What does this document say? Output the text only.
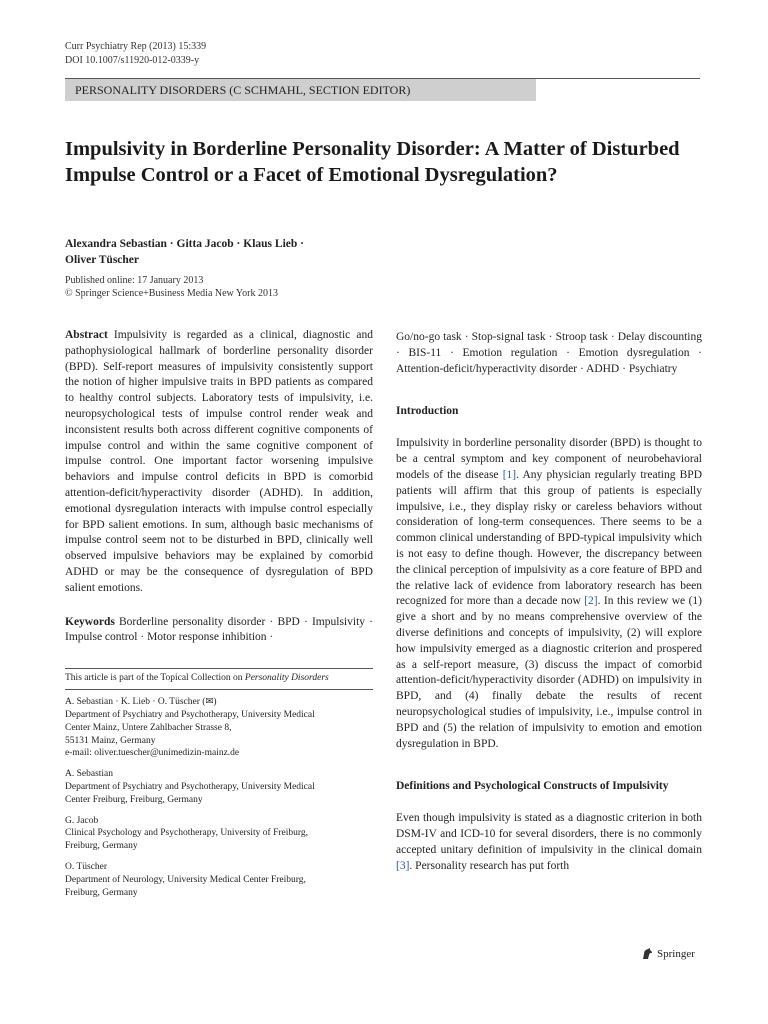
Curr Psychiatry Rep (2013) 15:339
DOI 10.1007/s11920-012-0339-y
PERSONALITY DISORDERS (C SCHMAHL, SECTION EDITOR)
Impulsivity in Borderline Personality Disorder: A Matter of Disturbed Impulse Control or a Facet of Emotional Dysregulation?
Alexandra Sebastian · Gitta Jacob · Klaus Lieb ·
Oliver Tüscher
Published online: 17 January 2013
© Springer Science+Business Media New York 2013

Abstract Impulsivity is regarded as a clinical, diagnostic and pathophysiological hallmark of borderline personality disorder (BPD). Self-report measures of impulsivity consistently support the notion of higher impulsive traits in BPD patients as compared to healthy control subjects. Laboratory tests of impulsivity, i.e. neuropsychological tests of impulse control render weak and inconsistent results both across different cognitive components of impulse control and within the same cognitive component of impulse control. One important factor worsening impulsive behaviors and impulse control deficits in BPD is comorbid attention-deficit/hyperactivity disorder (ADHD). In addition, emotional dysregulation interacts with impulse control especially for BPD salient emotions. In sum, although basic mechanisms of impulse control seem not to be disturbed in BPD, clinically well observed impulsive behaviors may be explained by comorbid ADHD or may be the consequence of dysregulation of BPD salient emotions.

Keywords Borderline personality disorder · BPD · Impulsivity · Impulse control · Motor response inhibition ·

This article is part of the Topical Collection on Personality Disorders
A. Sebastian · K. Lieb · O. Tüscher (✉)
Department of Psychiatry and Psychotherapy, University Medical
Center Mainz, Untere Zahlbacher Strasse 8,
55131 Mainz, Germany
e-mail: oliver.tuescher@unimedizin-mainz.de
A. Sebastian
Department of Psychiatry and Psychotherapy, University Medical
Center Freiburg, Freiburg, Germany
G. Jacob
Clinical Psychology and Psychotherapy, University of Freiburg,
Freiburg, Germany
O. Tüscher
Department of Neurology, University Medical Center Freiburg,
Freiburg, Germany

Go/no-go task · Stop-signal task · Stroop task · Delay discounting · BIS-11 · Emotion regulation · Emotion dysregulation · Attention-deficit/hyperactivity disorder · ADHD · Psychiatry

Introduction

Impulsivity in borderline personality disorder (BPD) is thought to be a central symptom and key component of neurobehavioral models of the disease [1]. Any physician regularly treating BPD patients will affirm that this group of patients is especially impulsive, i.e., they display risky or careless behaviors without consideration of long-term consequences. There seems to be a common clinical understanding of BPD-typical impulsivity which is not easy to define though. However, the discrepancy between the clinical perception of impulsivity as a core feature of BPD and the relative lack of evidence from laboratory research has been recognized for more than a decade now [2]. In this review we (1) give a short and by no means comprehensive overview of the diverse definitions and concepts of impulsivity, (2) will explore how impulsivity emerged as a diagnostic criterion and prospered as a self-report measure, (3) discuss the impact of comorbid attention-deficit/hyperactivity disorder (ADHD) on impulsivity in BPD, and (4) finally debate the results of recent neuropsychological studies of impulsivity, i.e., impulse control in BPD and (5) the relation of impulsivity to emotion and emotion dysregulation in BPD.

Definitions and Psychological Constructs of Impulsivity

Even though impulsivity is stated as a diagnostic criterion in both DSM-IV and ICD-10 for several disorders, there is no commonly accepted unitary definition of impulsivity in the clinical domain [3]. Personality research has put forth

Springer
